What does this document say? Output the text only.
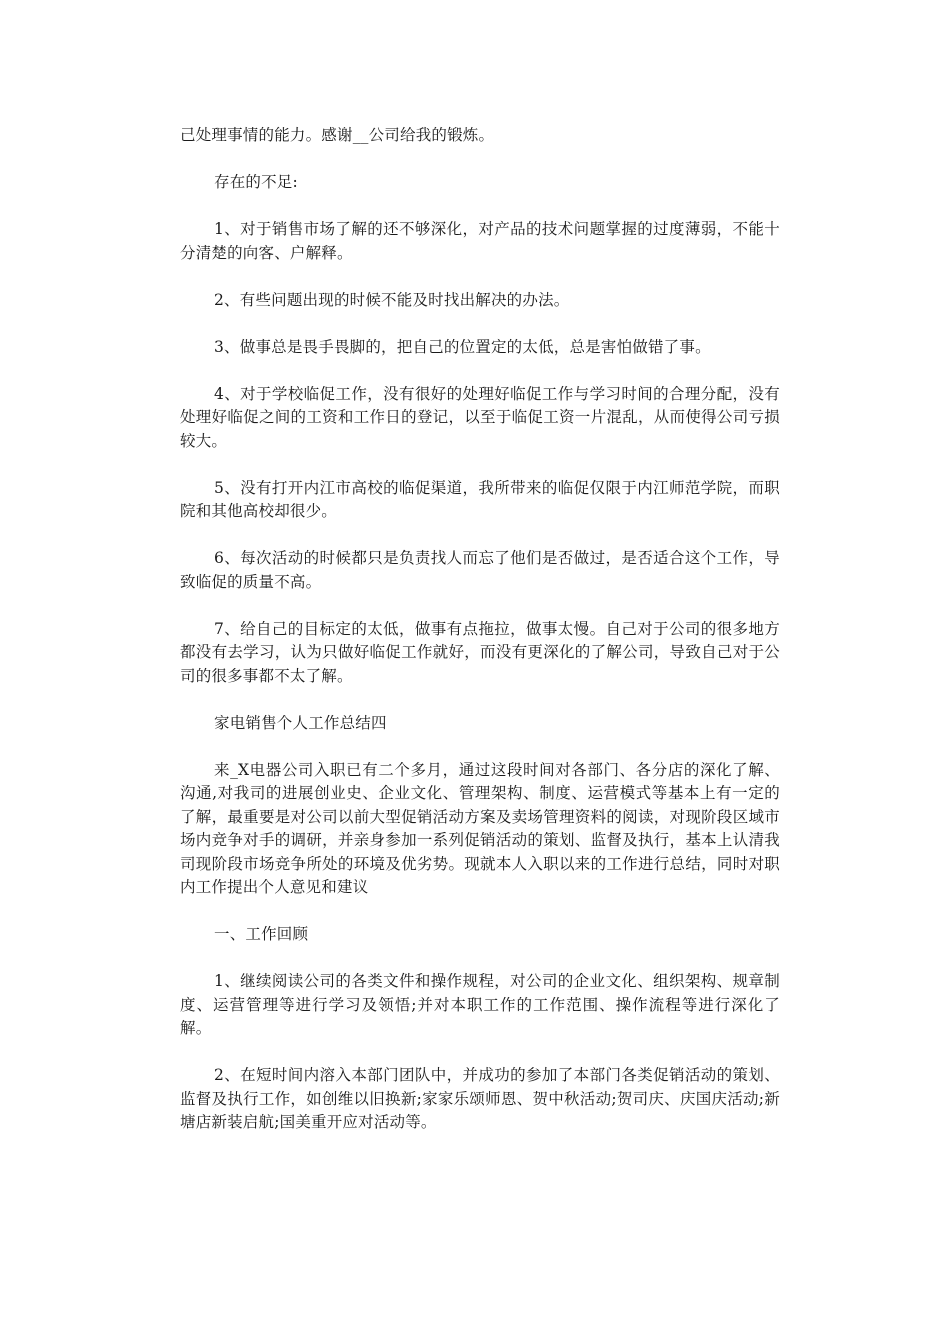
己处理事情的能力。感谢__公司给我的锻炼。

存在的不足:

1、对于销售市场了解的还不够深化，对产品的技术问题掌握的过度薄弱，不能十分清楚的向客、户解释。

2、有些问题出现的时候不能及时找出解决的办法。

3、做事总是畏手畏脚的，把自己的位置定的太低，总是害怕做错了事。

4、对于学校临促工作，没有很好的处理好临促工作与学习时间的合理分配，没有处理好临促之间的工资和工作日的登记，以至于临促工资一片混乱，从而使得公司亏损较大。

5、没有打开内江市高校的临促渠道，我所带来的临促仅限于内江师范学院，而职院和其他高校却很少。

6、每次活动的时候都只是负责找人而忘了他们是否做过，是否适合这个工作，导致临促的质量不高。

7、给自己的目标定的太低，做事有点拖拉，做事太慢。自己对于公司的很多地方都没有去学习，认为只做好临促工作就好，而没有更深化的了解公司，导致自己对于公司的很多事都不太了解。

家电销售个人工作总结四

来_X电器公司入职已有二个多月，通过这段时间对各部门、各分店的深化了解、沟通,对我司的进展创业史、企业文化、管理架构、制度、运营模式等基本上有一定的了解，最重要是对公司以前大型促销活动方案及卖场管理资料的阅读，对现阶段区域市场内竞争对手的调研，并亲身参加一系列促销活动的策划、监督及执行，基本上认清我司现阶段市场竞争所处的环境及优劣势。现就本人入职以来的工作进行总结，同时对职内工作提出个人意见和建议

一、工作回顾

1、继续阅读公司的各类文件和操作规程，对公司的企业文化、组织架构、规章制度、运营管理等进行学习及领悟;并对本职工作的工作范围、操作流程等进行深化了解。

2、在短时间内溶入本部门团队中，并成功的参加了本部门各类促销活动的策划、监督及执行工作，如创维以旧换新;家家乐颂师恩、贺中秋活动;贺司庆、庆国庆活动;新塘店新装启航;国美重开应对活动等。
